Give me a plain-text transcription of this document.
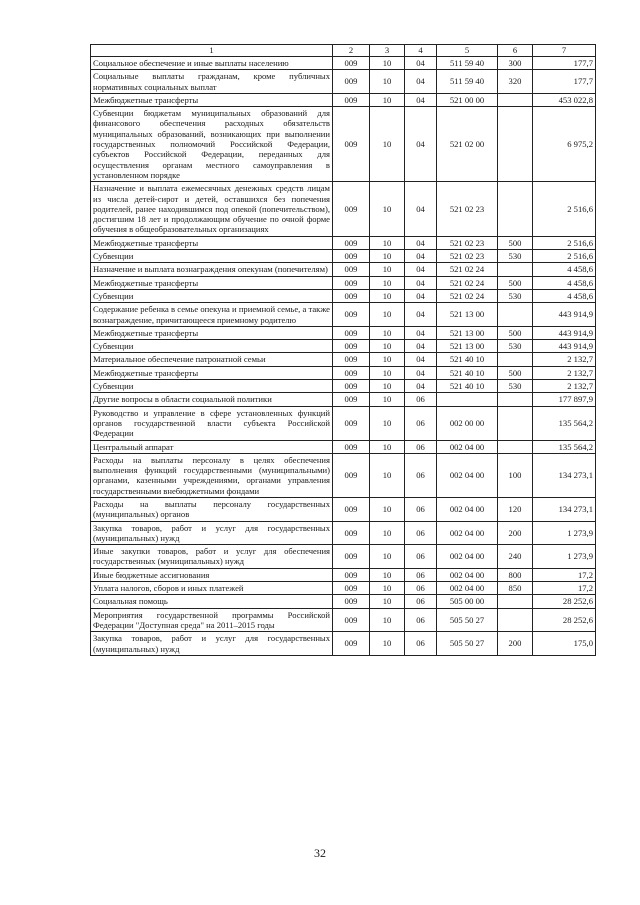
1	2	3	4	5	6	7
Социальное обеспечение и иные выплаты населению	009	10	04	511 59 40	300	177,7
Социальные выплаты гражданам, кроме публичных нормативных социальных выплат	009	10	04	511 59 40	320	177,7
Межбюджетные трансферты	009	10	04	521 00 00		453 022,8
Субвенции бюджетам муниципальных образований для финансового обеспечения расходных обязательств муниципальных образований, возникающих при выполнении государственных полномочий Российской Федерации, субъектов Российской Федерации, переданных для осуществления органам местного самоуправления в установленном порядке	009	10	04	521 02 00		6 975,2
Назначение и выплата ежемесячных денежных средств лицам из числа детей-сирот и детей, оставшихся без попечения родителей, ранее находившимся под опекой (попечительством), достигшим 18 лет и продолжающим обучение по очной форме обучения в общеобразовательных организациях	009	10	04	521 02 23		2 516,6
Межбюджетные трансферты	009	10	04	521 02 23	500	2 516,6
Субвенции	009	10	04	521 02 23	530	2 516,6
Назначение и выплата вознаграждения опекунам (попечителям)	009	10	04	521 02 24		4 458,6
Межбюджетные трансферты	009	10	04	521 02 24	500	4 458,6
Субвенции	009	10	04	521 02 24	530	4 458,6
Содержание ребенка в семье опекуна и приемной семье, а также вознаграждение, причитающееся приемному родителю	009	10	04	521 13 00		443 914,9
Межбюджетные трансферты	009	10	04	521 13 00	500	443 914,9
Субвенции	009	10	04	521 13 00	530	443 914,9
Материальное обеспечение патронатной семьи	009	10	04	521 40 10		2 132,7
Межбюджетные трансферты	009	10	04	521 40 10	500	2 132,7
Субвенции	009	10	04	521 40 10	530	2 132,7
Другие вопросы в области социальной политики	009	10	06			177 897,9
Руководство и управление в сфере установленных функций органов государственной власти субъекта Российской Федерации	009	10	06	002 00 00		135 564,2
Центральный аппарат	009	10	06	002 04 00		135 564,2
Расходы на выплаты персоналу в целях обеспечения выполнения функций государственными (муниципальными) органами, казенными учреждениями, органами управления государственными внебюджетными фондами	009	10	06	002 04 00	100	134 273,1
Расходы на выплаты персоналу государственных (муниципальных) органов	009	10	06	002 04 00	120	134 273,1
Закупка товаров, работ и услуг для государственных (муниципальных) нужд	009	10	06	002 04 00	200	1 273,9
Иные закупки товаров, работ и услуг для обеспечения государственных (муниципальных) нужд	009	10	06	002 04 00	240	1 273,9
Иные бюджетные ассигнования	009	10	06	002 04 00	800	17,2
Уплата налогов, сборов и иных платежей	009	10	06	002 04 00	850	17,2
Социальная помощь	009	10	06	505 00 00		28 252,6
Мероприятия государственной программы Российской Федерации "Доступная среда" на 2011–2015 годы	009	10	06	505 50 27		28 252,6
Закупка товаров, работ и услуг для государственных (муниципальных) нужд	009	10	06	505 50 27	200	175,0
32
